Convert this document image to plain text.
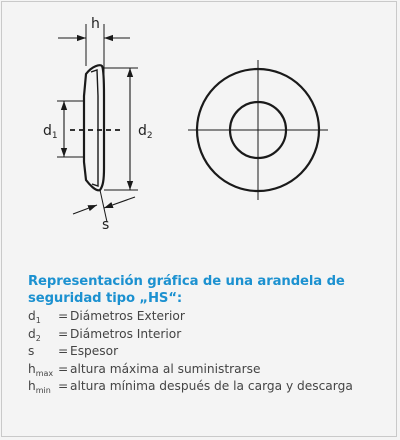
h
$d_1$	$d_2$
s
Representación gráfica de una arandela de
seguridad tipo „HS“:
$d_1$	= Diámetros Exterior
$d_2$	= Diámetros Interior
s	= Espesor
$h_{max}$ = altura máxima al suministrarse
$h_{min}$ = altura mínima después de la carga y descarga
